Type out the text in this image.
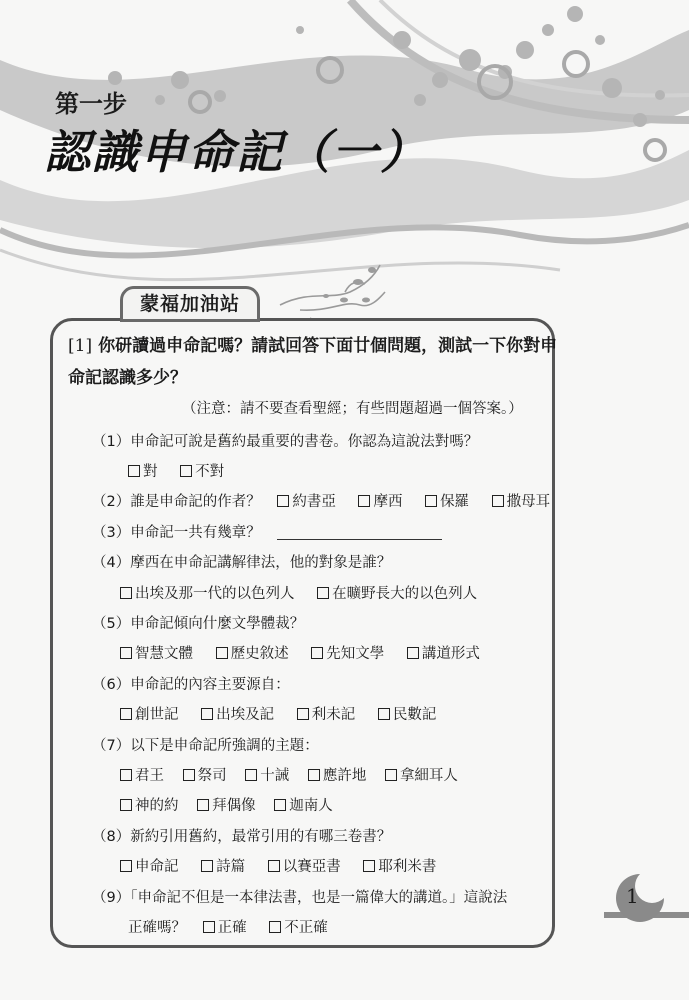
第一步
認識申命記（一）
蒙福加油站
[1] 你研讀過申命記嗎？請試回答下面廿個問題，測試一下你對申命記認識多少？
（注意：請不要查看聖經；有些問題超過一個答案。）
（1）申命記可說是舊約最重要的書卷。你認為這說法對嗎？
對	不對
（2）誰是申命記的作者？ 約書亞	摩西	保羅	撒母耳
（3）申命記一共有幾章？
（4）摩西在申命記講解律法，他的對象是誰？
出埃及那一代的以色列人	在曠野長大的以色列人
（5）申命記傾向什麼文學體裁？
智慧文體	歷史敘述	先知文學	講道形式
（6）申命記的內容主要源自：
創世記	出埃及記	利未記	民數記
（7）以下是申命記所強調的主題：
君王 祭司 十誡 應許地 拿細耳人
神的約 拜偶像 迦南人
（8）新約引用舊約，最常引用的有哪三卷書？
申命記	詩篇	以賽亞書	耶利米書
（9）「申命記不但是一本律法書，也是一篇偉大的講道。」這說法
正確嗎？ 正確	不正確
1
